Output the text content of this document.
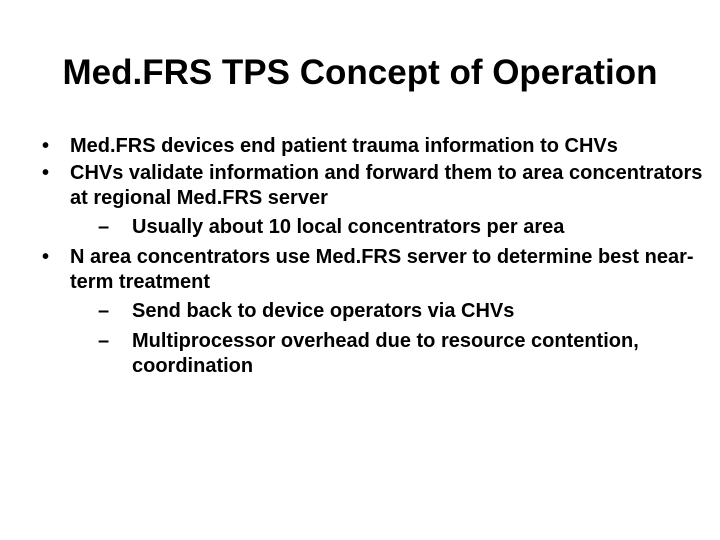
Med.FRS TPS Concept of Operation
• Med.FRS devices end patient trauma information to CHVs
• CHVs validate information and forward them to area concentrators at regional Med.FRS server
– Usually about 10 local concentrators per area
• N area concentrators use Med.FRS server to determine best near-term treatment
– Send back to device operators via CHVs
– Multiprocessor overhead due to resource contention, coordination
